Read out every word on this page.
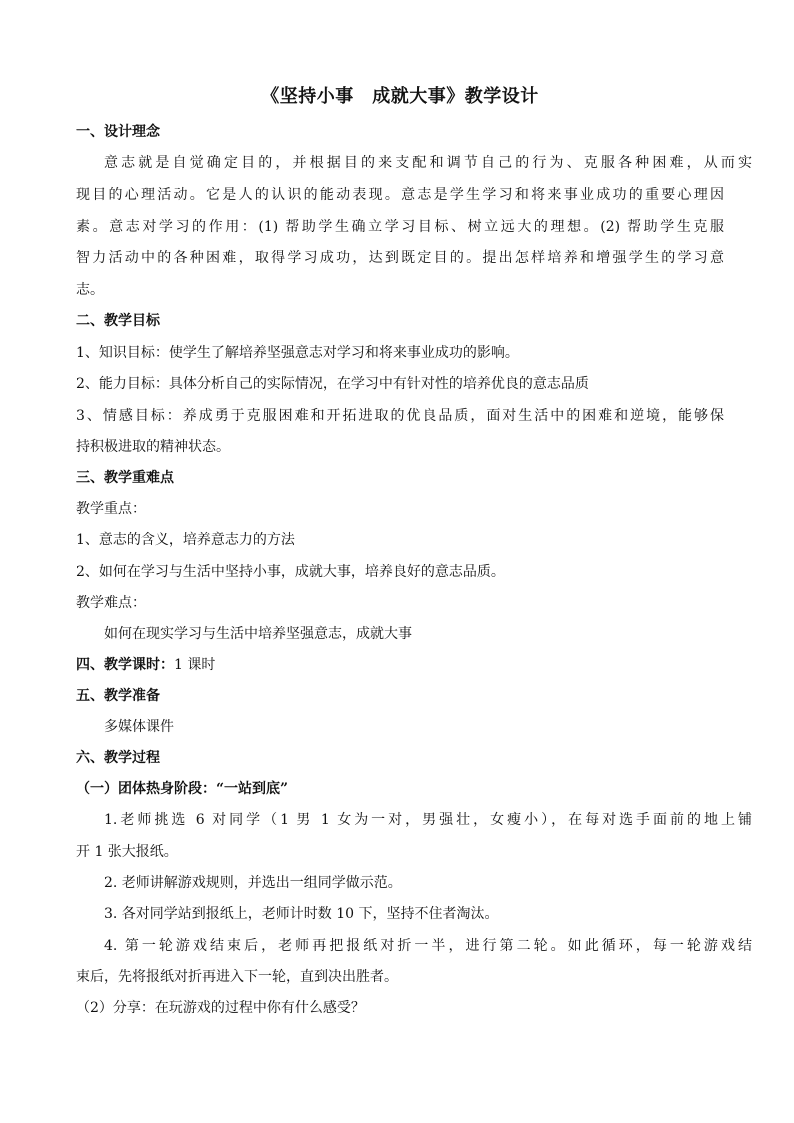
《坚持小事　成就大事》教学设计
一、设计理念
意志就是自觉确定目的，并根据目的来支配和调节自己的行为、克服各种困难，从而实
现目的心理活动。它是人的认识的能动表现。意志是学生学习和将来事业成功的重要心理因
素。意志对学习的作用：(1) 帮助学生确立学习目标、树立远大的理想。(2) 帮助学生克服
智力活动中的各种困难，取得学习成功，达到既定目的。提出怎样培养和增强学生的学习意
志。
二、教学目标
1、知识目标：使学生了解培养坚强意志对学习和将来事业成功的影响。
2、能力目标：具体分析自己的实际情况，在学习中有针对性的培养优良的意志品质
3、情感目标：养成勇于克服困难和开拓进取的优良品质，面对生活中的困难和逆境，能够保
持积极进取的精神状态。
三、教学重难点
教学重点：
1、意志的含义，培养意志力的方法
2、如何在学习与生活中坚持小事，成就大事，培养良好的意志品质。
教学难点：
如何在现实学习与生活中培养坚强意志，成就大事
四、教学课时：1 课时
五、教学准备
多媒体课件
六、教学过程
（一）团体热身阶段：“一站到底”
1.老师挑选 6 对同学（1 男 1 女为一对，男强壮，女瘦小），在每对选手面前的地上铺
开 1 张大报纸。
2. 老师讲解游戏规则，并选出一组同学做示范。
3. 各对同学站到报纸上，老师计时数 10 下，坚持不住者淘汰。
4. 第一轮游戏结束后，老师再把报纸对折一半，进行第二轮。如此循环，每一轮游戏结
束后，先将报纸对折再进入下一轮，直到决出胜者。
（2）分享：在玩游戏的过程中你有什么感受？
